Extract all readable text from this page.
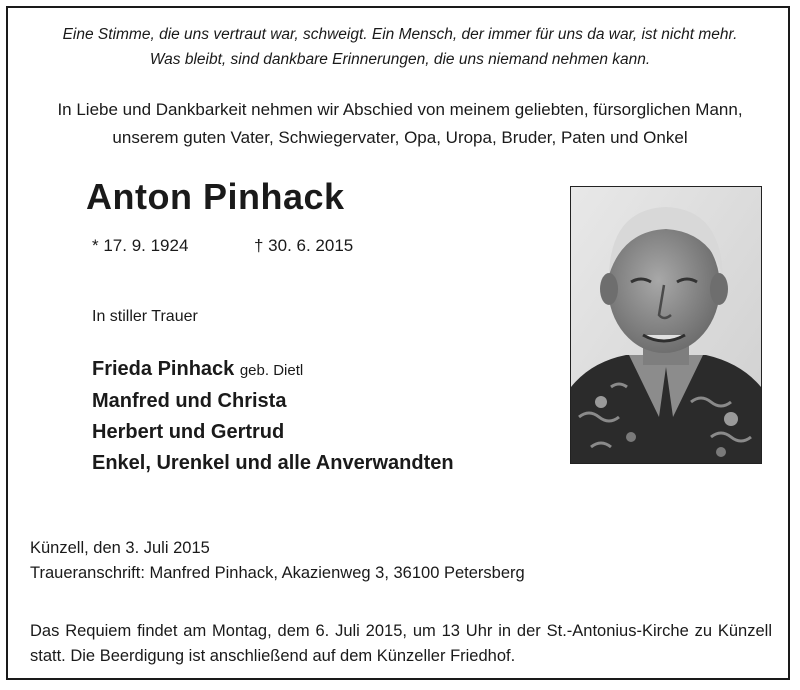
Eine Stimme, die uns vertraut war, schweigt. Ein Mensch, der immer für uns da war, ist nicht mehr.
Was bleibt, sind dankbare Erinnerungen, die uns niemand nehmen kann.
In Liebe und Dankbarkeit nehmen wir Abschied von meinem geliebten, fürsorglichen Mann,
unserem guten Vater, Schwiegervater, Opa, Uropa, Bruder, Paten und Onkel
Anton Pinhack
* 17. 9. 1924	† 30. 6. 2015
In stiller Trauer
Frieda Pinhack geb. Dietl
Manfred und Christa
Herbert und Gertrud
Enkel, Urenkel und alle Anverwandten
Künzell, den 3. Juli 2015
Traueranschrift: Manfred Pinhack, Akazienweg 3, 36100 Petersberg
Das Requiem findet am Montag, dem 6. Juli 2015, um 13 Uhr in der St.-Antonius-Kirche zu Künzell statt. Die Beerdigung ist anschließend auf dem Künzeller Friedhof.
